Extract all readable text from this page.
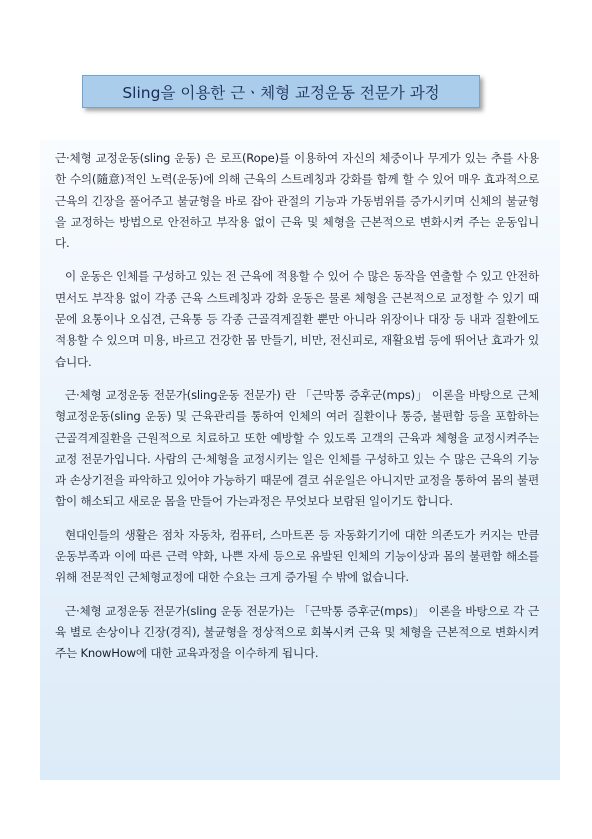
Sling을 이용한 근ㆍ체형 교정운동 전문가 과정

근·체형 교정운동(sling 운동) 은 로프(Rope)를 이용하여 자신의 체중이나 무게가 있는 추를 사용한 수의(隨意)적인 노력(운동)에 의해 근육의 스트레칭과 강화를 함께 할 수 있어 매우 효과적으로 근육의 긴장을 풀어주고 불균형을 바로 잡아 관절의 기능과 가동범위를 증가시키며 신체의 불균형을 교정하는 방법으로 안전하고 부작용 없이 근육 및 체형을 근본적으로 변화시켜 주는 운동입니다.

이 운동은 인체를 구성하고 있는 전 근육에 적용할 수 있어 수 많은 동작을 연출할 수 있고 안전하면서도 부작용 없이 각종 근육 스트레칭과 강화 운동은 물론 체형을 근본적으로 교정할 수 있기 때문에 요통이나 오십견, 근육통 등 각종 근골격계질환 뿐만 아니라 위장이나 대장 등 내과 질환에도 적용할 수 있으며 미용, 바르고 건강한 몸 만들기, 비만, 전신피로, 재활요법 등에 뛰어난 효과가 있습니다.

근·체형 교정운동 전문가(sling운동 전문가) 란 「근막통 증후군(mps)」 이론을 바탕으로 근체형교정운동(sling 운동) 및 근육관리를 통하여 인체의 여러 질환이나 통증, 불편함 등을 포함하는 근골격계질환을 근원적으로 치료하고 또한 예방할 수 있도록 고객의 근육과 체형을 교정시켜주는 교정 전문가입니다. 사람의 근·체형을 교정시키는 일은 인체를 구성하고 있는 수 많은 근육의 기능과 손상기전을 파악하고 있어야 가능하기 때문에 결코 쉬운일은 아니지만 교정을 통하여 몸의 불편함이 해소되고 새로운 몸을 만들어 가는과정은 무엇보다 보람된 일이기도 합니다.

현대인들의 생활은 점차 자동차, 컴퓨터, 스마트폰 등 자동화기기에 대한 의존도가 커지는 만큼 운동부족과 이에 따른 근력 약화, 나쁜 자세 등으로 유발된 인체의 기능이상과 몸의 불편함 해소를 위해 전문적인 근체형교정에 대한 수요는 크게 증가될 수 밖에 없습니다.

근·체형 교정운동 전문가(sling 운동 전문가)는 「근막통 증후군(mps)」 이론을 바탕으로 각 근육 별로 손상이나 긴장(경직), 불균형을 정상적으로 회복시켜 근육 및 체형을 근본적으로 변화시켜 주는 KnowHow에 대한 교육과정을 이수하게 됩니다.
